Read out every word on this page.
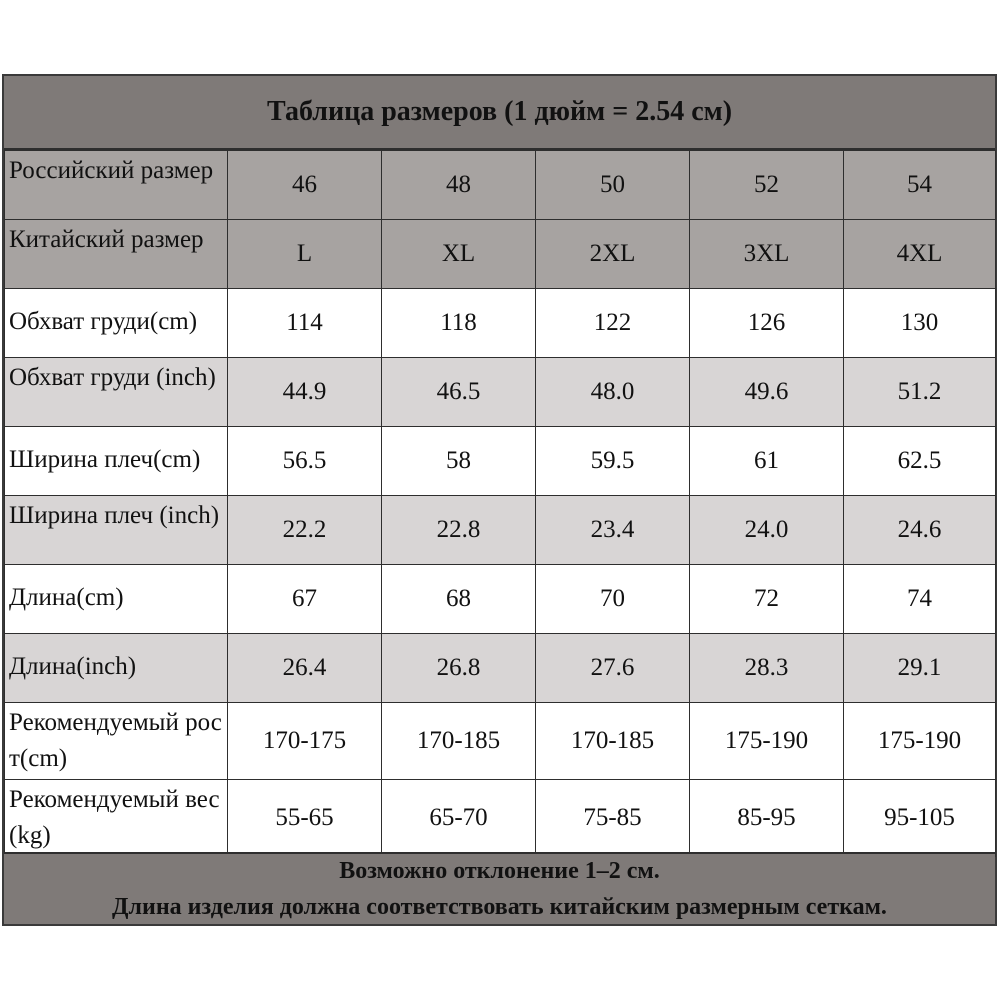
Таблица размеров (1 дюйм = 2.54 см)
Российский размер	46	48	50	52	54
Китайский размер	L	XL	2XL	3XL	4XL
Обхват груди(cm)	114	118	122	126	130
Обхват груди (inch)	44.9	46.5	48.0	49.6	51.2
Ширина плеч(cm)	56.5	58	59.5	61	62.5
Ширина плеч (inch)	22.2	22.8	23.4	24.0	24.6
Длина(cm)	67	68	70	72	74
Длина(inch)	26.4	26.8	27.6	28.3	29.1
Рекомендуемый рост(cm)	170-175	170-185	170-185	175-190	175-190
Рекомендуемый вес (kg)	55-65	65-70	75-85	85-95	95-105
Возможно отклонение 1–2 см.
Длина изделия должна соответствовать китайским размерным сеткам.
